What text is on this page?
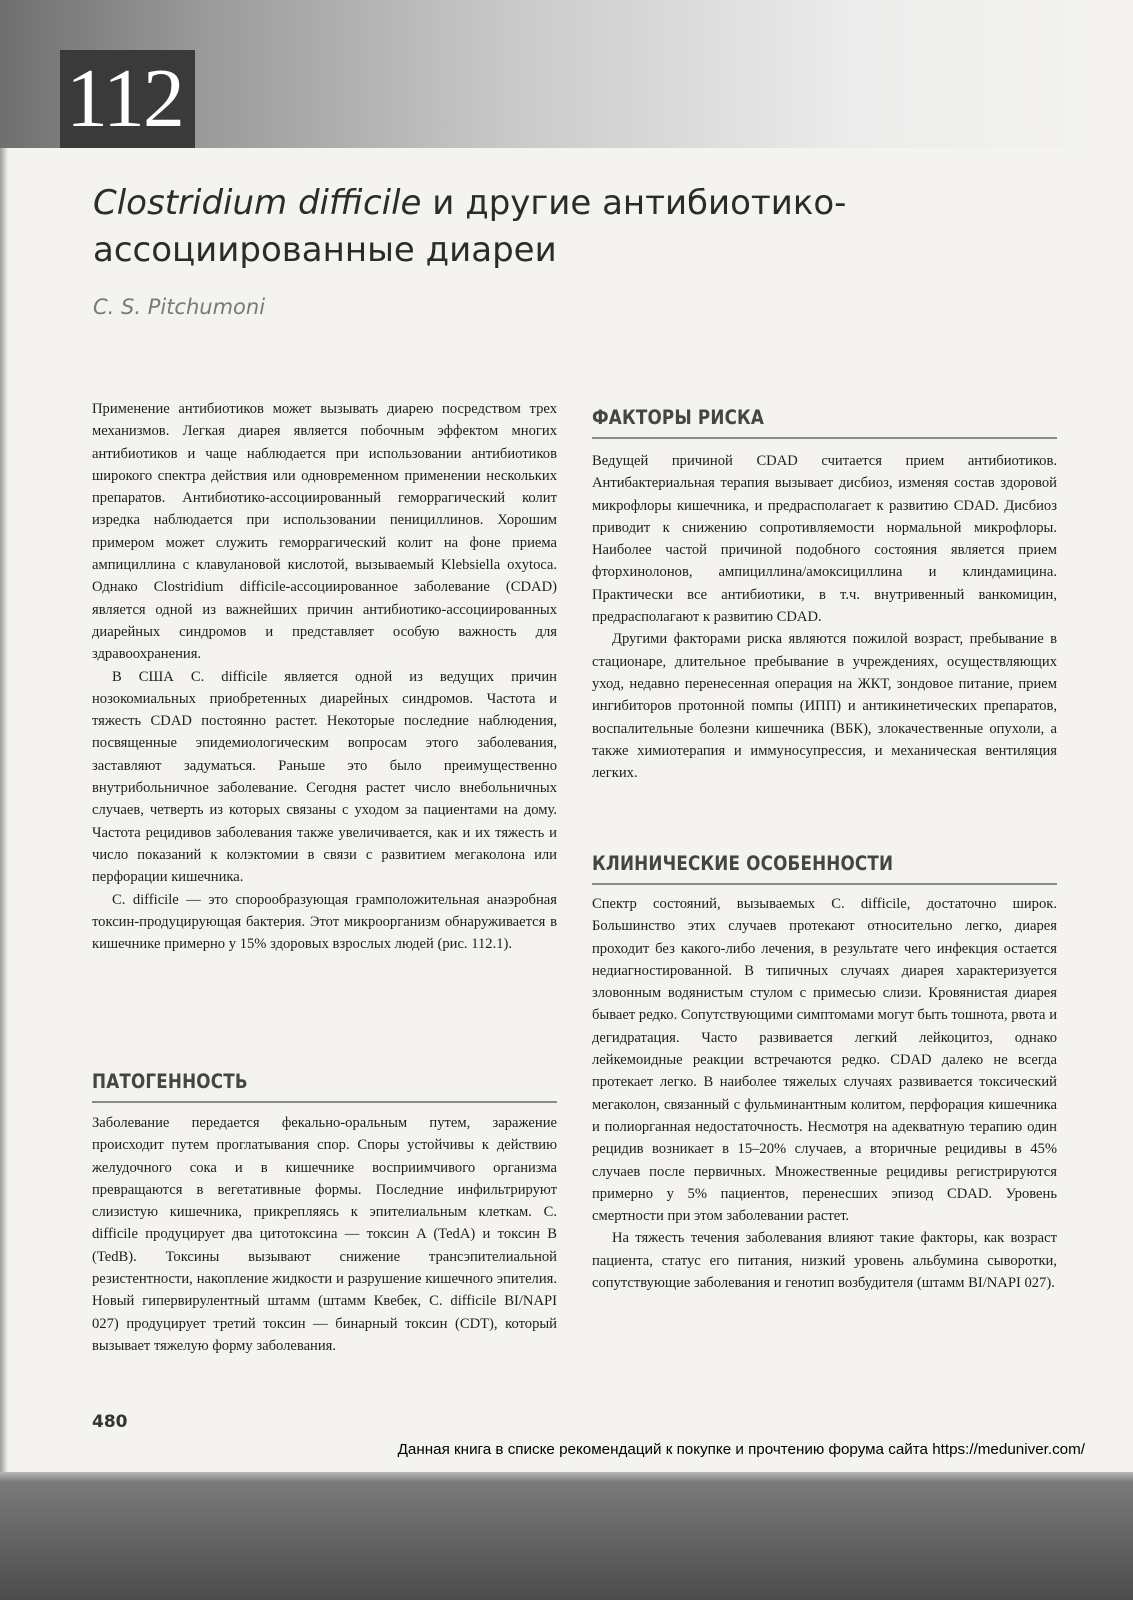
112
Clostridium difficile и другие антибиотико-ассоциированные диареи
C. S. Pitchumoni

Применение антибиотиков может вызывать диарею посредством трех механизмов. Легкая диарея является побочным эффектом многих антибиотиков и чаще наблюдается при использовании антибиотиков широкого спектра действия или одновременном применении нескольких препаратов. Антибиотико-ассоциированный геморрагический колит изредка наблюдается при использовании пенициллинов. Хорошим примером может служить геморрагический колит на фоне приема ампициллина с клавулановой кислотой, вызываемый Klebsiella oxytoca. Однако Clostridium difficile-ассоциированное заболевание (CDAD) является одной из важнейших причин антибиотико-ассоциированных диарейных синдромов и представляет особую важность для здравоохранения.

В США C. difficile является одной из ведущих причин нозокомиальных приобретенных диарейных синдромов. Частота и тяжесть CDAD постоянно растет. Некоторые последние наблюдения, посвященные эпидемиологическим вопросам этого заболевания, заставляют задуматься. Раньше это было преимущественно внутрибольничное заболевание. Сегодня растет число внебольничных случаев, четверть из которых связаны с уходом за пациентами на дому. Частота рецидивов заболевания также увеличивается, как и их тяжесть и число показаний к колэктомии в связи с развитием мегаколона или перфорации кишечника.

C. difficile — это спорообразующая грамположительная анаэробная токсин-продуцирующая бактерия. Этот микроорганизм обнаруживается в кишечнике примерно у 15% здоровых взрослых людей (рис. 112.1).

ПАТОГЕННОСТЬ

Заболевание передается фекально-оральным путем, заражение происходит путем проглатывания спор. Споры устойчивы к действию желудочного сока и в кишечнике восприимчивого организма превращаются в вегетативные формы. Последние инфильтрируют слизистую кишечника, прикрепляясь к эпителиальным клеткам. C. difficile продуцирует два цитотоксина — токсин A (TedA) и токсин B (TedB). Токсины вызывают снижение трансэпителиальной резистентности, накопление жидкости и разрушение кишечного эпителия. Новый гипервирулентный штамм (штамм Квебек, C. difficile BI/NAPI 027) продуцирует третий токсин — бинарный токсин (CDT), который вызывает тяжелую форму заболевания.

ФАКТОРЫ РИСКА

Ведущей причиной CDAD считается прием антибиотиков. Антибактериальная терапия вызывает дисбиоз, изменяя состав здоровой микрофлоры кишечника, и предрасполагает к развитию CDAD. Дисбиоз приводит к снижению сопротивляемости нормальной микрофлоры. Наиболее частой причиной подобного состояния является прием фторхинолонов, ампициллина/амоксициллина и клиндамицина. Практически все антибиотики, в т.ч. внутривенный ванкомицин, предрасполагают к развитию CDAD.

Другими факторами риска являются пожилой возраст, пребывание в стационаре, длительное пребывание в учреждениях, осуществляющих уход, недавно перенесенная операция на ЖКТ, зондовое питание, прием ингибиторов протонной помпы (ИПП) и антикинетических препаратов, воспалительные болезни кишечника (ВБК), злокачественные опухоли, а также химиотерапия и иммуносупрессия, и механическая вентиляция легких.

КЛИНИЧЕСКИЕ ОСОБЕННОСТИ

Спектр состояний, вызываемых C. difficile, достаточно широк. Большинство этих случаев протекают относительно легко, диарея проходит без какого-либо лечения, в результате чего инфекция остается недиагностированной. В типичных случаях диарея характеризуется зловонным водянистым стулом с примесью слизи. Кровянистая диарея бывает редко. Сопутствующими симптомами могут быть тошнота, рвота и дегидратация. Часто развивается легкий лейкоцитоз, однако лейкемоидные реакции встречаются редко. CDAD далеко не всегда протекает легко. В наиболее тяжелых случаях развивается токсический мегаколон, связанный с фульминантным колитом, перфорация кишечника и полиорганная недостаточность. Несмотря на адекватную терапию один рецидив возникает в 15–20% случаев, а вторичные рецидивы в 45% случаев после первичных. Множественные рецидивы регистрируются примерно у 5% пациентов, перенесших эпизод CDAD. Уровень смертности при этом заболевании растет.

На тяжесть течения заболевания влияют такие факторы, как возраст пациента, статус его питания, низкий уровень альбумина сыворотки, сопутствующие заболевания и генотип возбудителя (штамм BI/NAPI 027).

480
Данная книга в списке рекомендаций к покупке и прочтению форума сайта https://meduniver.com/
